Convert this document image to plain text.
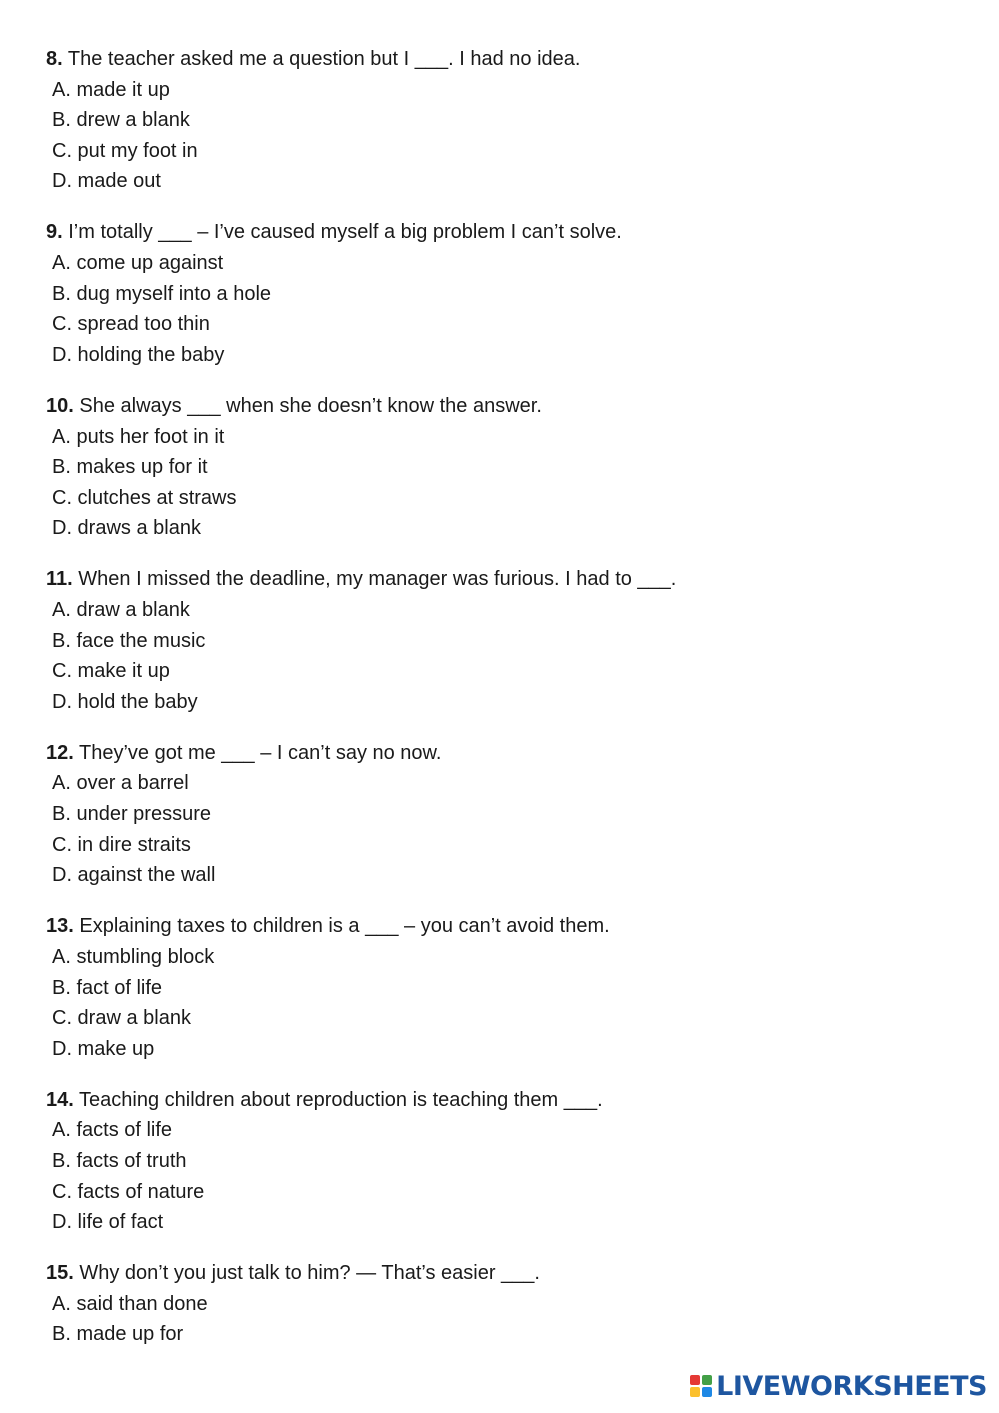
8. The teacher asked me a question but I ___. I had no idea.
A. made it up
B. drew a blank
C. put my foot in
D. made out
9. I’m totally ___ – I’ve caused myself a big problem I can’t solve.
A. come up against
B. dug myself into a hole
C. spread too thin
D. holding the baby
10. She always ___ when she doesn’t know the answer.
A. puts her foot in it
B. makes up for it
C. clutches at straws
D. draws a blank
11. When I missed the deadline, my manager was furious. I had to ___.
A. draw a blank
B. face the music
C. make it up
D. hold the baby
12. They’ve got me ___ – I can’t say no now.
A. over a barrel
B. under pressure
C. in dire straits
D. against the wall
13. Explaining taxes to children is a ___ – you can’t avoid them.
A. stumbling block
B. fact of life
C. draw a blank
D. make up
14. Teaching children about reproduction is teaching them ___.
A. facts of life
B. facts of truth
C. facts of nature
D. life of fact
15. Why don’t you just talk to him? — That’s easier ___.
A. said than done
B. made up for
LIVEWORKSHEETS
